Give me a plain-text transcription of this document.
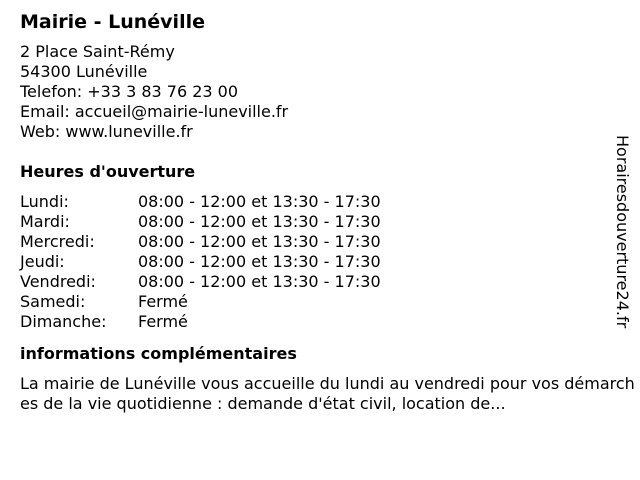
Mairie - Lunéville
2 Place Saint-Rémy
54300 Lunéville
Telefon: +33 3 83 76 23 00
Email: accueil@mairie-luneville.fr
Web: www.luneville.fr
Heures d'ouverture
Lundi:	08:00 - 12:00 et 13:30 - 17:30
Mardi:	08:00 - 12:00 et 13:30 - 17:30
Mercredi:	08:00 - 12:00 et 13:30 - 17:30
Jeudi:	08:00 - 12:00 et 13:30 - 17:30
Vendredi:	08:00 - 12:00 et 13:30 - 17:30
Samedi:	Fermé
Dimanche:	Fermé
informations complémentaires
La mairie de Lunéville vous accueille du lundi au vendredi pour vos démarches de la vie quotidienne : demande d'état civil, location de...
Horairesdouverture24.fr
